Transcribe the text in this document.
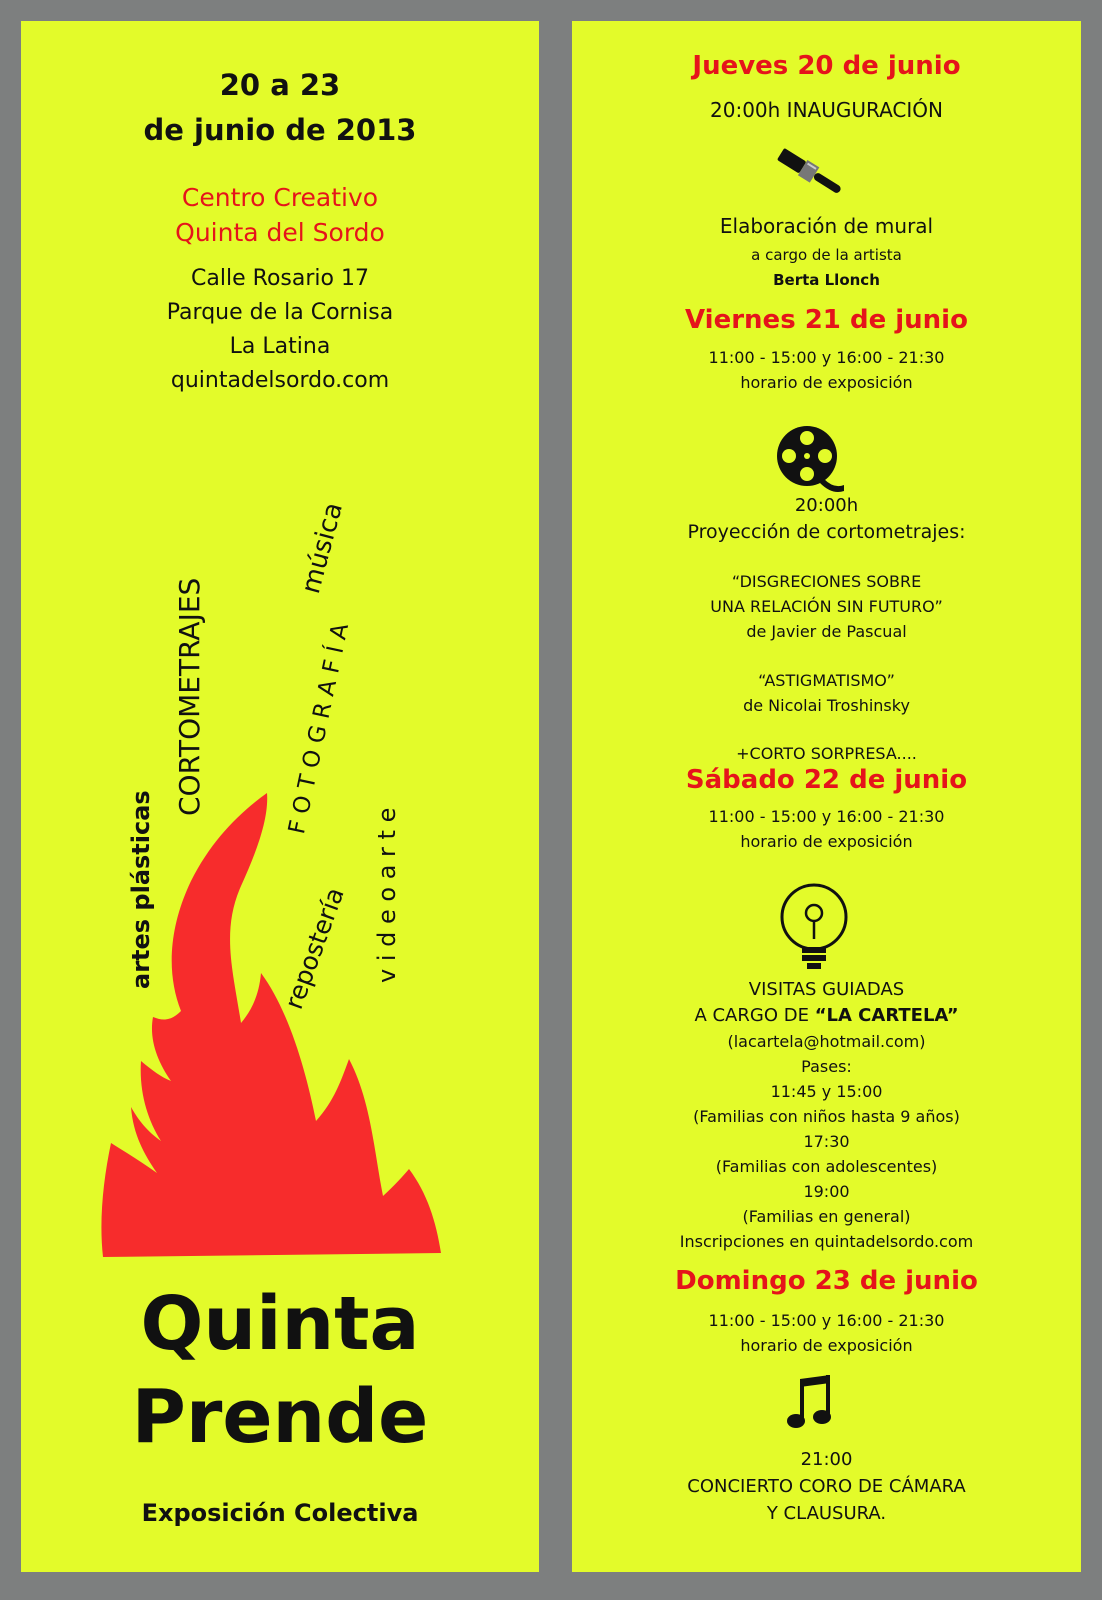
20 a 23
de junio de 2013
Centro Creativo
Quinta del Sordo
Calle Rosario 17
Parque de la Cornisa
La Latina
quintadelsordo.com
artes plásticas
CORTOMETRAJES	F O T O G R A F Í A
música
repostería v i d e o a r t e
Quinta
Prende
Exposición Colectiva
Jueves 20 de junio
20:00h INAUGURACIÓN
Elaboración de mural
a cargo de la artista
Berta Llonch
Viernes 21 de junio
11:00 - 15:00 y 16:00 - 21:30
horario de exposición
20:00h
Proyección de cortometrajes:
“DISGRECIONES SOBRE
UNA RELACIÓN SIN FUTURO”
de Javier de Pascual
“ASTIGMATISMO”
de Nicolai Troshinsky
+CORTO SORPRESA....
Sábado 22 de junio
11:00 - 15:00 y 16:00 - 21:30
horario de exposición
VISITAS GUIADAS
A CARGO DE “LA CARTELA”
(lacartela@hotmail.com)
Pases:
11:45 y 15:00
(Familias con niños hasta 9 años)
17:30
(Familias con adolescentes)
19:00
(Familias en general)
Inscripciones en quintadelsordo.com
Domingo 23 de junio
11:00 - 15:00 y 16:00 - 21:30
horario de exposición
21:00
CONCIERTO CORO DE CÁMARA
Y CLAUSURA.
